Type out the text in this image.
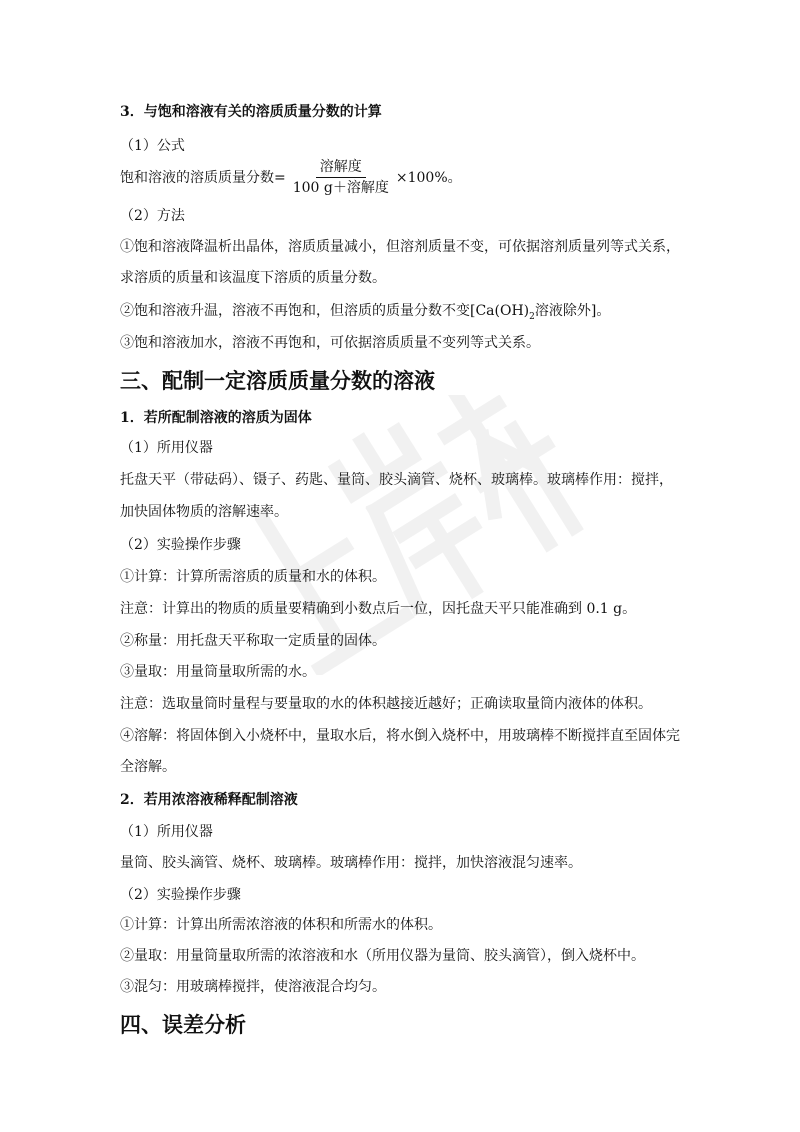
3．与饱和溶液有关的溶质质量分数的计算
（1）公式
饱和溶液的溶质质量分数= $\frac{\text{溶解度}}{\text{100 g＋溶解度}} \times 100\%$。
（2）方法
①饱和溶液降温析出晶体，溶质质量减小，但溶剂质量不变，可依据溶剂质量列等式关系，
求溶质的质量和该温度下溶质的质量分数。
②饱和溶液升温，溶液不再饱和，但溶质的质量分数不变[$Ca(OH)_2$溶液除外]。
③饱和溶液加水，溶液不再饱和，可依据溶质质量不变列等式关系。
三、配制一定溶质质量分数的溶液
1．若所配制溶液的溶质为固体
（1）所用仪器
托盘天平（带砝码）、镊子、药匙、量筒、胶头滴管、烧杯、玻璃棒。玻璃棒作用：搅拌，
加快固体物质的溶解速率。
（2）实验操作步骤
①计算：计算所需溶质的质量和水的体积。
注意：计算出的物质的质量要精确到小数点后一位，因托盘天平只能准确到 0.1 g。
②称量：用托盘天平称取一定质量的固体。
③量取：用量筒量取所需的水。
注意：选取量筒时量程与要量取的水的体积越接近越好；正确读取量筒内液体的体积。
④溶解：将固体倒入小烧杯中，量取水后，将水倒入烧杯中，用玻璃棒不断搅拌直至固体完
全溶解。
2．若用浓溶液稀释配制溶液
（1）所用仪器
量筒、胶头滴管、烧杯、玻璃棒。玻璃棒作用：搅拌，加快溶液混匀速率。
（2）实验操作步骤
①计算：计算出所需浓溶液的体积和所需水的体积。
②量取：用量筒量取所需的浓溶液和水（所用仪器为量筒、胶头滴管），倒入烧杯中。
③混匀：用玻璃棒搅拌，使溶液混合均匀。
四、误差分析
